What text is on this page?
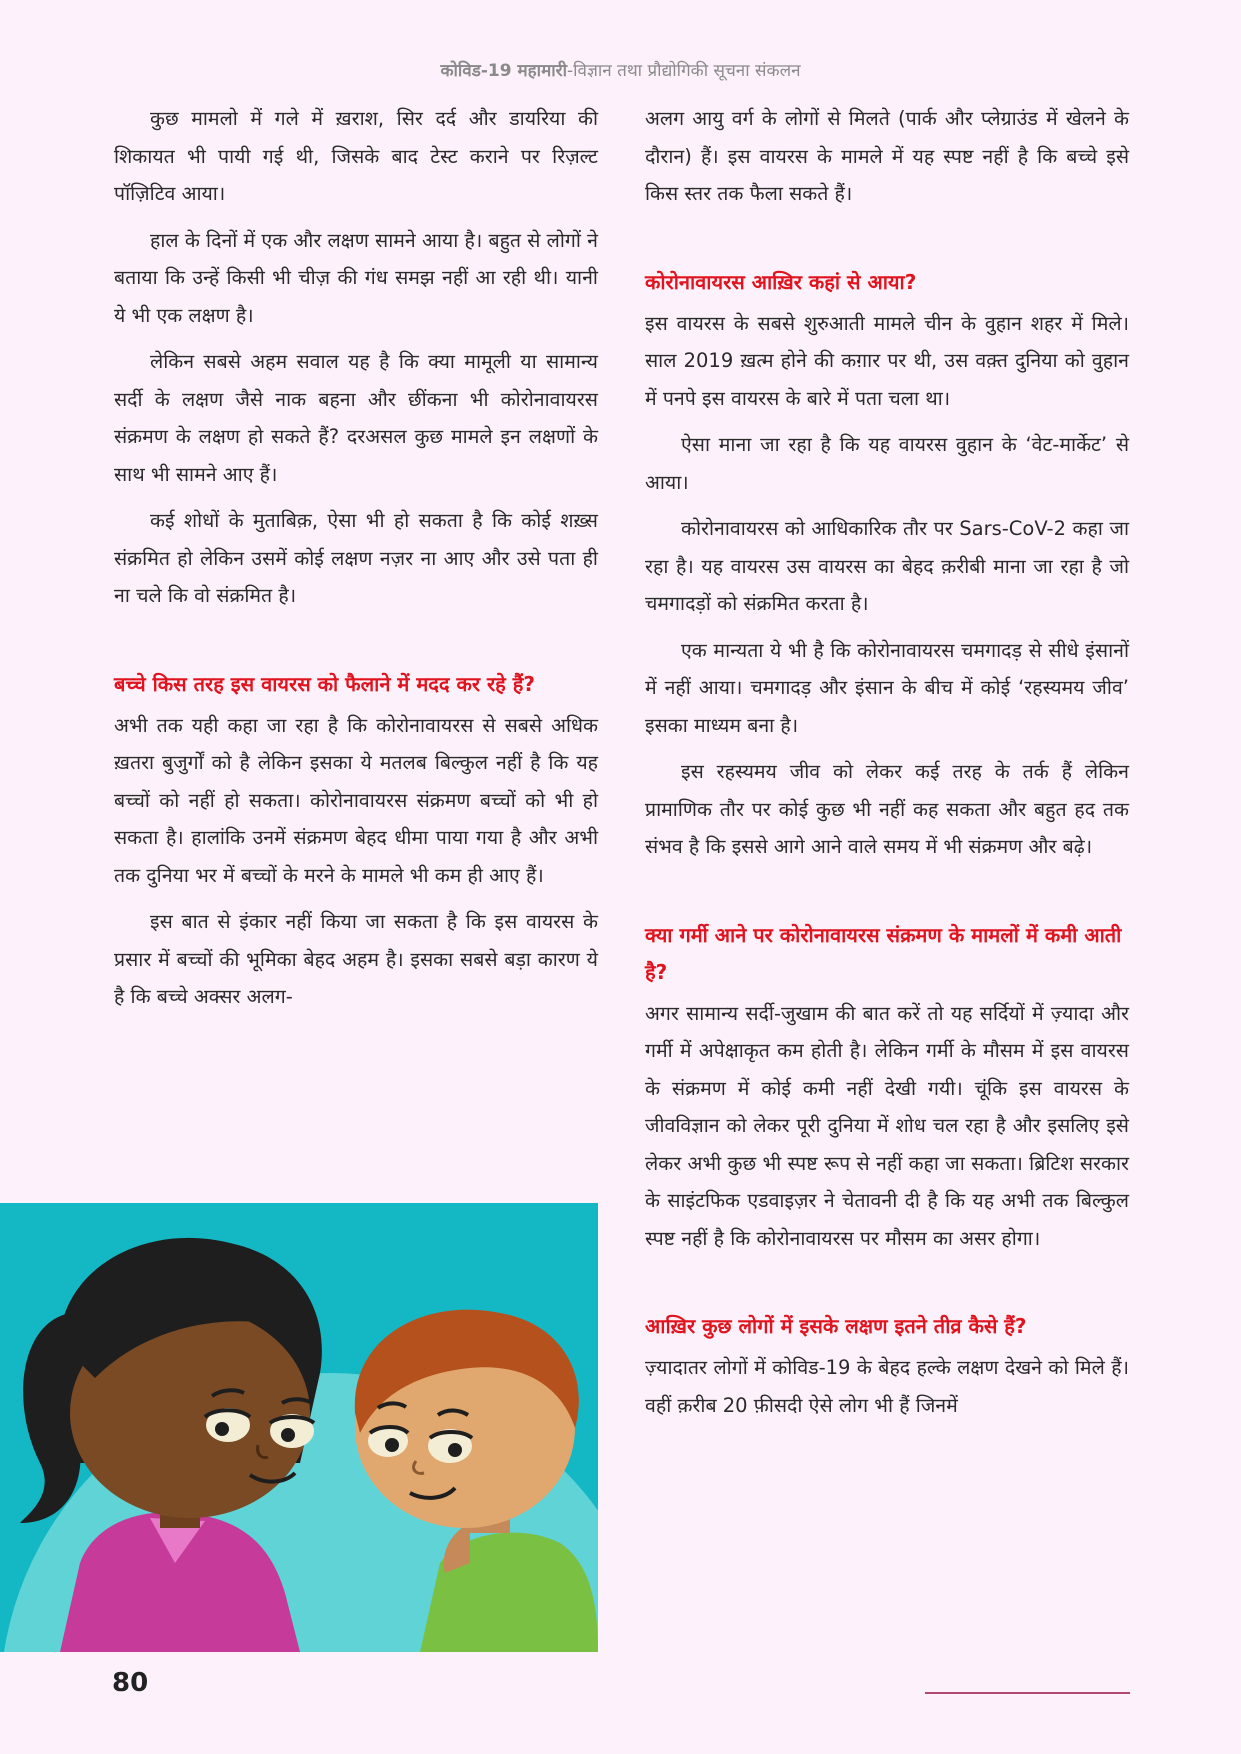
कोविड-19 महामारी-विज्ञान तथा प्रौद्योगिकी सूचना संकलन

कुछ मामलो में गले में ख़राश, सिर दर्द और डायरिया की शिकायत भी पायी गई थी, जिसके बाद टेस्ट कराने पर रिज़ल्ट पॉज़िटिव आया।

हाल के दिनों में एक और लक्षण सामने आया है। बहुत से लोगों ने बताया कि उन्हें किसी भी चीज़ की गंध समझ नहीं आ रही थी। यानी ये भी एक लक्षण है।

लेकिन सबसे अहम सवाल यह है कि क्या मामूली या सामान्य सर्दी के लक्षण जैसे नाक बहना और छींकना भी कोरोनावायरस संक्रमण के लक्षण हो सकते हैं? दरअसल कुछ मामले इन लक्षणों के साथ भी सामने आए हैं।

कई शोधों के मुताबिक़, ऐसा भी हो सकता है कि कोई शख़्स संक्रमित हो लेकिन उसमें कोई लक्षण नज़र ना आए और उसे पता ही ना चले कि वो संक्रमित है।

बच्चे किस तरह इस वायरस को फैलाने में मदद कर रहे हैं?

अभी तक यही कहा जा रहा है कि कोरोनावायरस से सबसे अधिक ख़तरा बुजुर्गों को है लेकिन इसका ये मतलब बिल्कुल नहीं है कि यह बच्चों को नहीं हो सकता। कोरोनावायरस संक्रमण बच्चों को भी हो सकता है। हालांकि उनमें संक्रमण बेहद धीमा पाया गया है और अभी तक दुनिया भर में बच्चों के मरने के मामले भी कम ही आए हैं।

इस बात से इंकार नहीं किया जा सकता है कि इस वायरस के प्रसार में बच्चों की भूमिका बेहद अहम है। इसका सबसे बड़ा कारण ये है कि बच्चे अक्सर अलग-

अलग आयु वर्ग के लोगों से मिलते (पार्क और प्लेग्राउंड में खेलने के दौरान) हैं। इस वायरस के मामले में यह स्पष्ट नहीं है कि बच्चे इसे किस स्तर तक फैला सकते हैं।

कोरोनावायरस आख़िर कहां से आया?

इस वायरस के सबसे शुरुआती मामले चीन के वुहान शहर में मिले। साल 2019 ख़त्म होने की कग़ार पर थी, उस वक़्त दुनिया को वुहान में पनपे इस वायरस के बारे में पता चला था।

ऐसा माना जा रहा है कि यह वायरस वुहान के ‘वेट-मार्केट’ से आया।

कोरोनावायरस को आधिकारिक तौर पर Sars-CoV-2 कहा जा रहा है। यह वायरस उस वायरस का बेहद क़रीबी माना जा रहा है जो चमगादड़ों को संक्रमित करता है।

एक मान्यता ये भी है कि कोरोनावायरस चमगादड़ से सीधे इंसानों में नहीं आया। चमगादड़ और इंसान के बीच में कोई ‘रहस्यमय जीव’ इसका माध्यम बना है।

इस रहस्यमय जीव को लेकर कई तरह के तर्क हैं लेकिन प्रामाणिक तौर पर कोई कुछ भी नहीं कह सकता और बहुत हद तक संभव है कि इससे आगे आने वाले समय में भी संक्रमण और बढ़े।

क्या गर्मी आने पर कोरोनावायरस संक्रमण के मामलों में कमी आती है?

अगर सामान्य सर्दी-जुखाम की बात करें तो यह सर्दियों में ज़्यादा और गर्मी में अपेक्षाकृत कम होती है। लेकिन गर्मी के मौसम में इस वायरस के संक्रमण में कोई कमी नहीं देखी गयी। चूंकि इस वायरस के जीवविज्ञान को लेकर पूरी दुनिया में शोध चल रहा है और इसलिए इसे लेकर अभी कुछ भी स्पष्ट रूप से नहीं कहा जा सकता। ब्रिटिश सरकार के साइंटफिक एडवाइज़र ने चेतावनी दी है कि यह अभी तक बिल्कुल स्पष्ट नहीं है कि कोरोनावायरस पर मौसम का असर होगा।

आख़िर कुछ लोगों में इसके लक्षण इतने तीव्र कैसे हैं?

ज़्यादातर लोगों में कोविड-19 के बेहद हल्के लक्षण देखने को मिले हैं। वहीं क़रीब 20 फ़ीसदी ऐसे लोग भी हैं जिनमें

80
